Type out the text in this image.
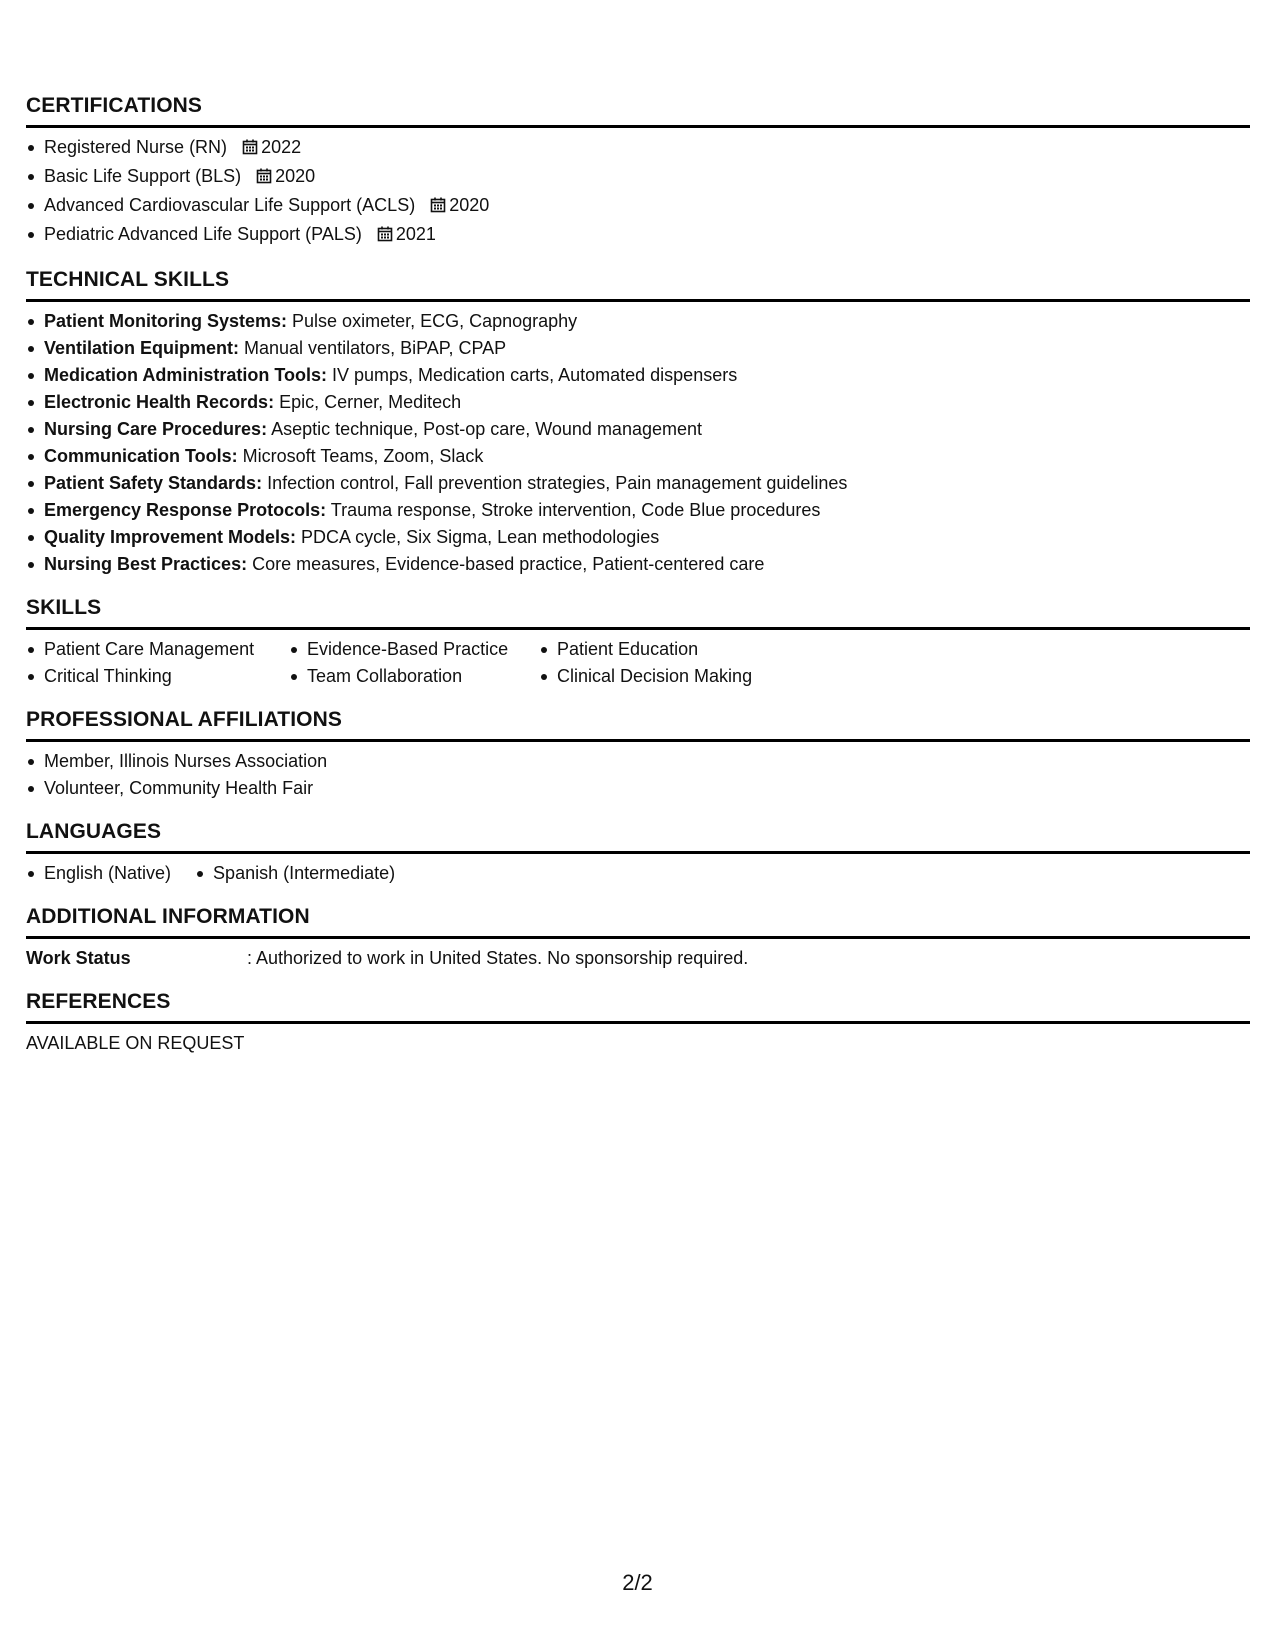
CERTIFICATIONS
Registered Nurse (RN) 2022
Basic Life Support (BLS) 2020
Advanced Cardiovascular Life Support (ACLS) 2020
Pediatric Advanced Life Support (PALS) 2021
TECHNICAL SKILLS
Patient Monitoring Systems: Pulse oximeter, ECG, Capnography
Ventilation Equipment: Manual ventilators, BiPAP, CPAP
Medication Administration Tools: IV pumps, Medication carts, Automated dispensers
Electronic Health Records: Epic, Cerner, Meditech
Nursing Care Procedures: Aseptic technique, Post-op care, Wound management
Communication Tools: Microsoft Teams, Zoom, Slack
Patient Safety Standards: Infection control, Fall prevention strategies, Pain management guidelines
Emergency Response Protocols: Trauma response, Stroke intervention, Code Blue procedures
Quality Improvement Models: PDCA cycle, Six Sigma, Lean methodologies
Nursing Best Practices: Core measures, Evidence-based practice, Patient-centered care
SKILLS
Patient Care Management
Critical Thinking
Evidence-Based Practice
Team Collaboration
Patient Education
Clinical Decision Making
PROFESSIONAL AFFILIATIONS
Member, Illinois Nurses Association
Volunteer, Community Health Fair
LANGUAGES
English (Native)	Spanish (Intermediate)
ADDITIONAL INFORMATION
Work Status	: Authorized to work in United States. No sponsorship required.
REFERENCES
AVAILABLE ON REQUEST
2/2
